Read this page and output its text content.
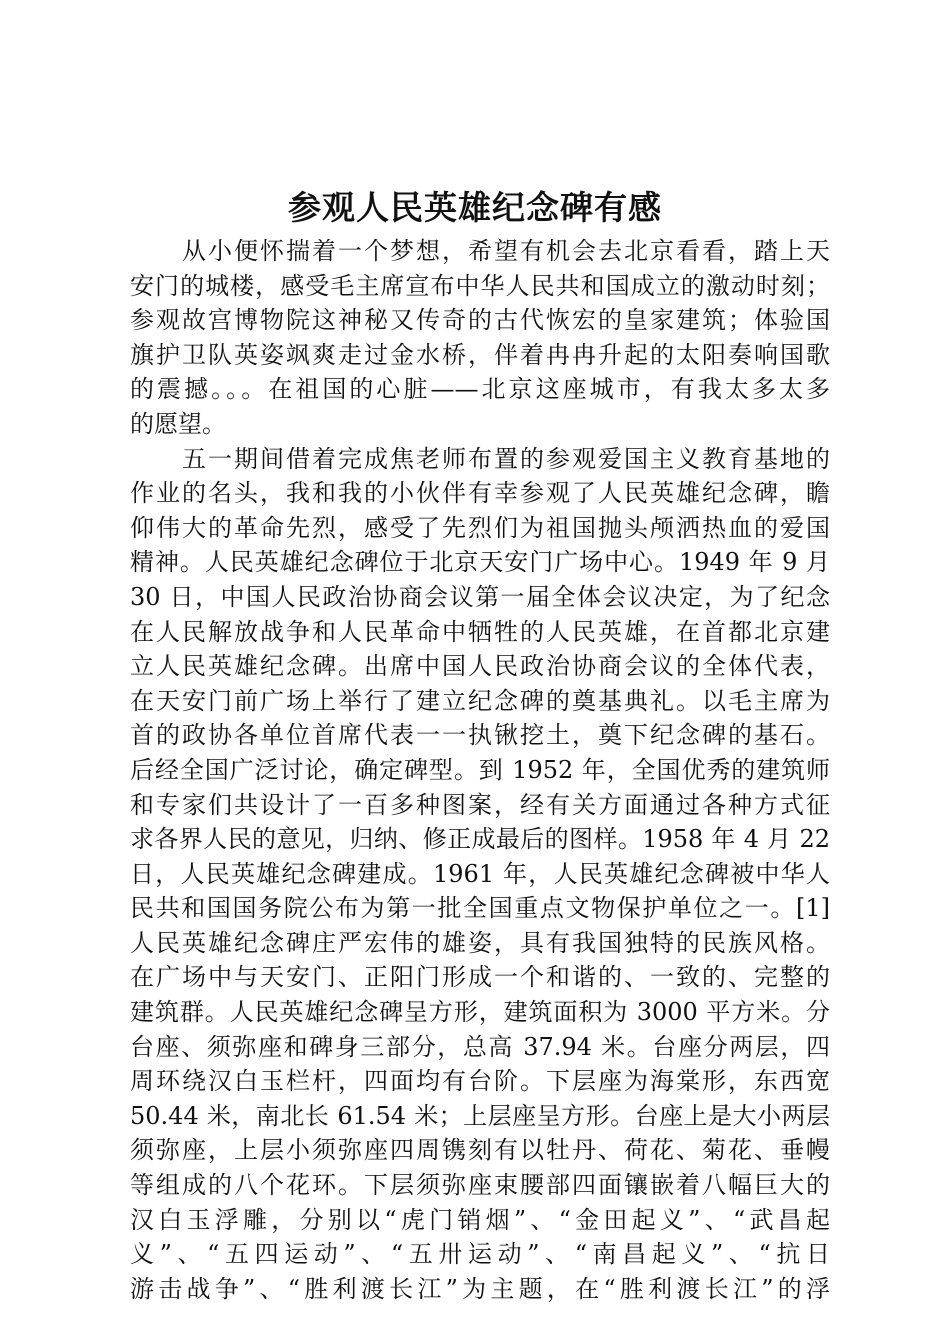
参观人民英雄纪念碑有感
　　从小便怀揣着一个梦想，希望有机会去北京看看，踏上天
安门的城楼，感受毛主席宣布中华人民共和国成立的激动时刻；
参观故宫博物院这神秘又传奇的古代恢宏的皇家建筑；体验国
旗护卫队英姿飒爽走过金水桥，伴着冉冉升起的太阳奏响国歌
的震撼。。。在祖国的心脏——北京这座城市，有我太多太多
的愿望。
　　五一期间借着完成焦老师布置的参观爱国主义教育基地的
作业的名头，我和我的小伙伴有幸参观了人民英雄纪念碑，瞻
仰伟大的革命先烈，感受了先烈们为祖国抛头颅洒热血的爱国
精神。人民英雄纪念碑位于北京天安门广场中心。1949 年 9 月
30 日，中国人民政治协商会议第一届全体会议决定，为了纪念
在人民解放战争和人民革命中牺牲的人民英雄，在首都北京建
立人民英雄纪念碑。出席中国人民政治协商会议的全体代表，
在天安门前广场上举行了建立纪念碑的奠基典礼。以毛主席为
首的政协各单位首席代表一一执锹挖土，奠下纪念碑的基石。
后经全国广泛讨论，确定碑型。到 1952 年，全国优秀的建筑师
和专家们共设计了一百多种图案，经有关方面通过各种方式征
求各界人民的意见，归纳、修正成最后的图样。1958 年 4 月 22
日，人民英雄纪念碑建成。1961 年，人民英雄纪念碑被中华人
民共和国国务院公布为第一批全国重点文物保护单位之一。[1]
人民英雄纪念碑庄严宏伟的雄姿，具有我国独特的民族风格。
在广场中与天安门、正阳门形成一个和谐的、一致的、完整的
建筑群。人民英雄纪念碑呈方形，建筑面积为 3000 平方米。分
台座、须弥座和碑身三部分，总高 37.94 米。台座分两层，四
周环绕汉白玉栏杆，四面均有台阶。下层座为海棠形，东西宽
50.44 米，南北长 61.54 米；上层座呈方形。台座上是大小两层
须弥座，上层小须弥座四周镌刻有以牡丹、荷花、菊花、垂幔
等组成的八个花环。下层须弥座束腰部四面镶嵌着八幅巨大的
汉白玉浮雕，分别以“虎门销烟”、“金田起义”、“武昌起
义”、“五四运动”、“五卅运动”、“南昌起义”、“抗日
游击战争”、“胜利渡长江”为主题，在“胜利渡长江”的浮
